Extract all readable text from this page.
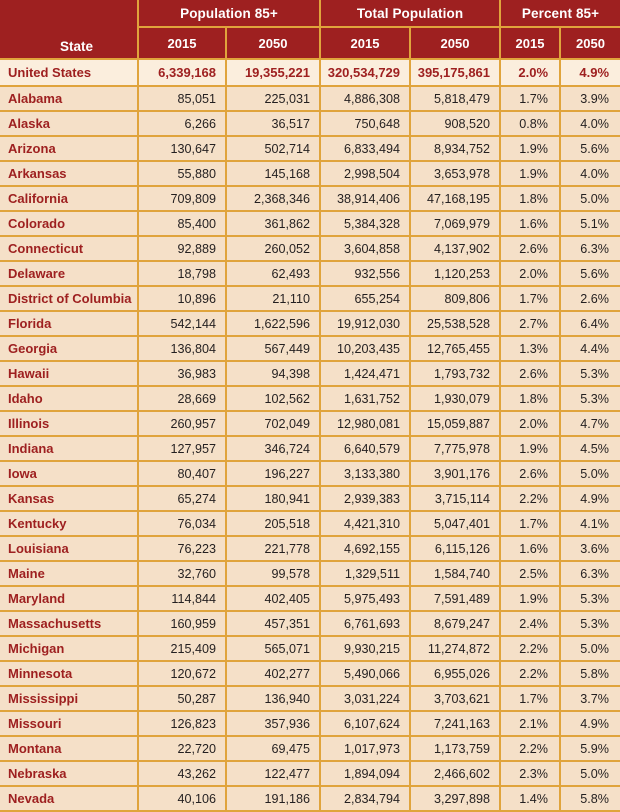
	Population 85+		Total Population		Percent 85+	
State	2015	2050	2015	2050	2015	2050
United States	6,339,168	19,355,221	320,534,729	395,175,861	2.0%	4.9%
Alabama	85,051	225,031	4,886,308	5,818,479	1.7%	3.9%
Alaska	6,266	36,517	750,648	908,520	0.8%	4.0%
Arizona	130,647	502,714	6,833,494	8,934,752	1.9%	5.6%
Arkansas	55,880	145,168	2,998,504	3,653,978	1.9%	4.0%
California	709,809	2,368,346	38,914,406	47,168,195	1.8%	5.0%
Colorado	85,400	361,862	5,384,328	7,069,979	1.6%	5.1%
Connecticut	92,889	260,052	3,604,858	4,137,902	2.6%	6.3%
Delaware	18,798	62,493	932,556	1,120,253	2.0%	5.6%
District of Columbia	10,896	21,110	655,254	809,806	1.7%	2.6%
Florida	542,144	1,622,596	19,912,030	25,538,528	2.7%	6.4%
Georgia	136,804	567,449	10,203,435	12,765,455	1.3%	4.4%
Hawaii	36,983	94,398	1,424,471	1,793,732	2.6%	5.3%
Idaho	28,669	102,562	1,631,752	1,930,079	1.8%	5.3%
Illinois	260,957	702,049	12,980,081	15,059,887	2.0%	4.7%
Indiana	127,957	346,724	6,640,579	7,775,978	1.9%	4.5%
Iowa	80,407	196,227	3,133,380	3,901,176	2.6%	5.0%
Kansas	65,274	180,941	2,939,383	3,715,114	2.2%	4.9%
Kentucky	76,034	205,518	4,421,310	5,047,401	1.7%	4.1%
Louisiana	76,223	221,778	4,692,155	6,115,126	1.6%	3.6%
Maine	32,760	99,578	1,329,511	1,584,740	2.5%	6.3%
Maryland	114,844	402,405	5,975,493	7,591,489	1.9%	5.3%
Massachusetts	160,959	457,351	6,761,693	8,679,247	2.4%	5.3%
Michigan	215,409	565,071	9,930,215	11,274,872	2.2%	5.0%
Minnesota	120,672	402,277	5,490,066	6,955,026	2.2%	5.8%
Mississippi	50,287	136,940	3,031,224	3,703,621	1.7%	3.7%
Missouri	126,823	357,936	6,107,624	7,241,163	2.1%	4.9%
Montana	22,720	69,475	1,017,973	1,173,759	2.2%	5.9%
Nebraska	43,262	122,477	1,894,094	2,466,602	2.3%	5.0%
Nevada	40,106	191,186	2,834,794	3,297,898	1.4%	5.8%
